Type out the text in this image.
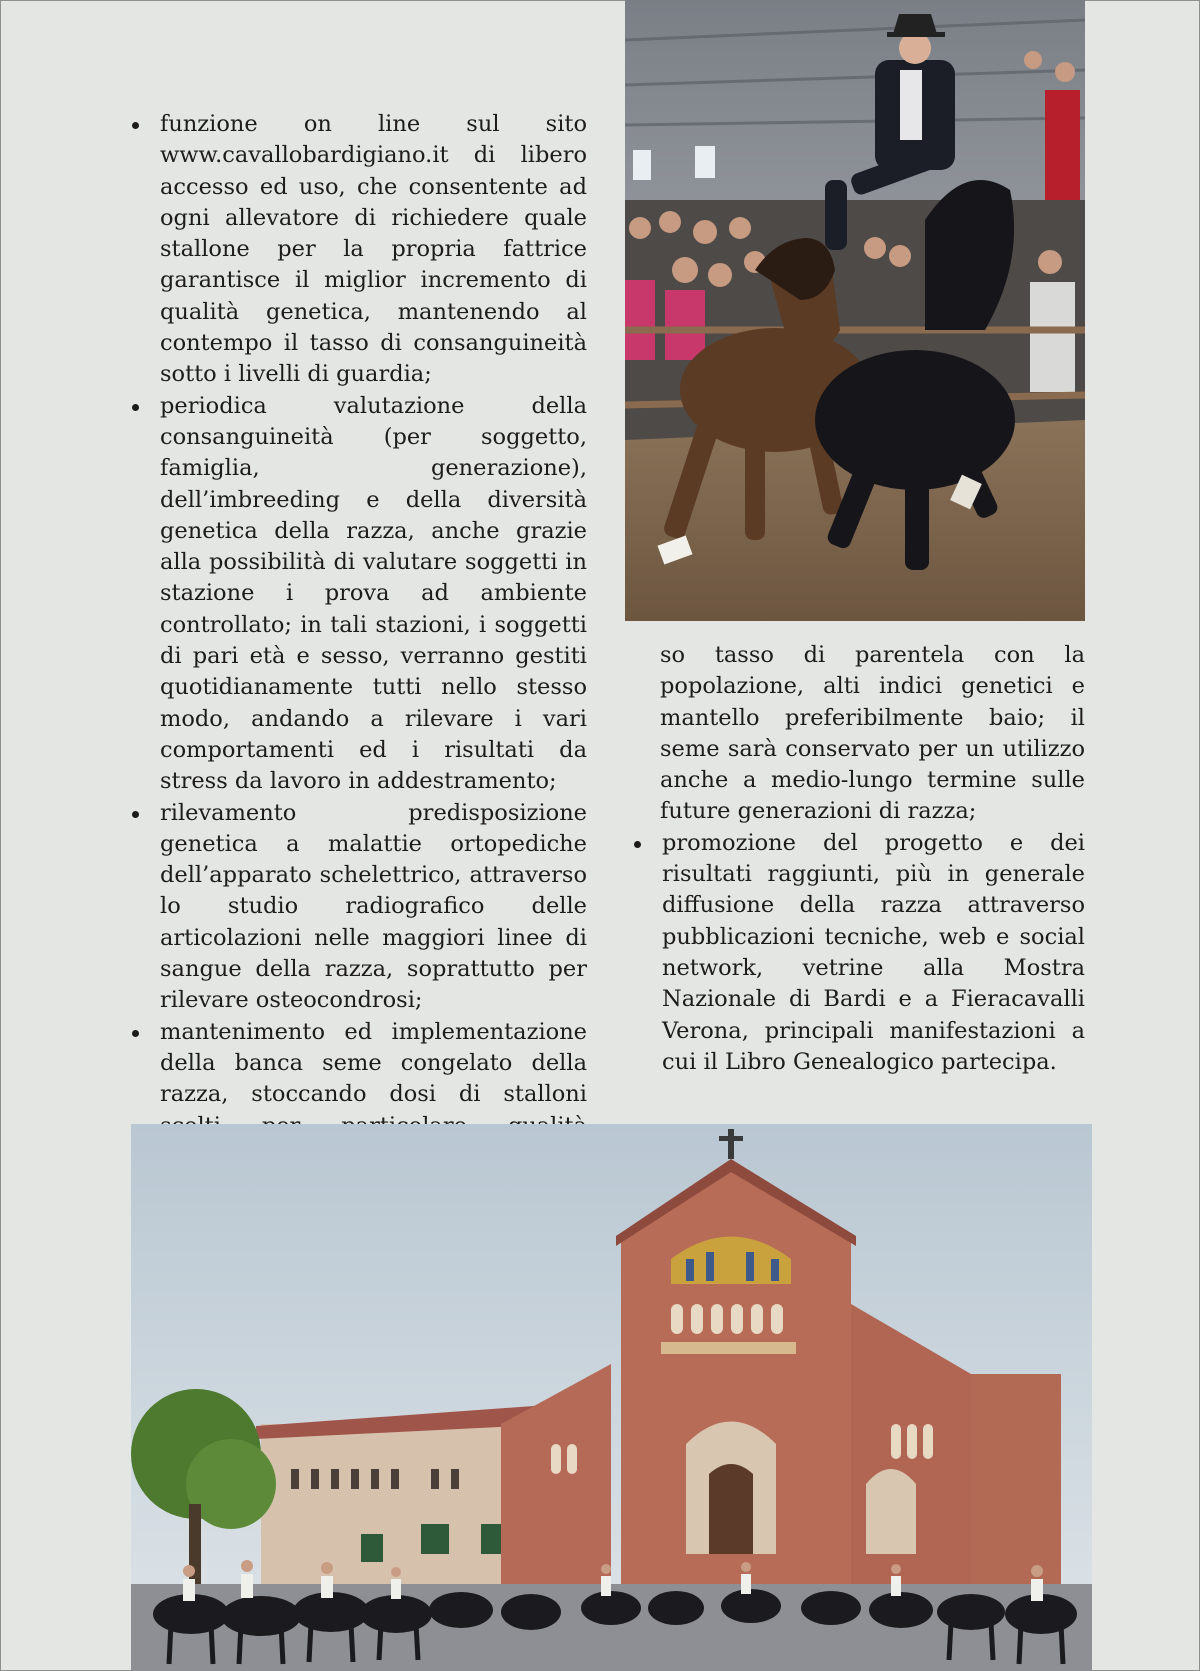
funzione on line sul sito www.cavallobardigiano.it di libero accesso ed uso, che consentente ad ogni allevatore di richiedere quale stallone per la propria fattrice garantisce il miglior incremento di qualità genetica, mantenendo al contempo il tasso di consanguineità sotto i livelli di guardia;
periodica valutazione della consanguineità (per soggetto, famiglia, generazione), dell’imbreeding e della diversità genetica della razza, anche grazie alla possibilità di valutare soggetti in stazione i prova ad ambiente controllato; in tali stazioni, i soggetti di pari età e sesso, verranno gestiti quotidianamente tutti nello stesso modo, andando a rilevare i vari comportamenti ed i risultati da stress da lavoro in addestramento;
rilevamento predisposizione genetica a malattie ortopediche dell’apparato schelettrico, attraverso lo studio radiografico delle articolazioni nelle maggiori linee di sangue della razza, soprattutto per rilevare osteocondrosi;
mantenimento ed implementazione della banca seme congelato della razza, stoccando dosi di stalloni
so tasso di parentela con la popolazione, alti indici genetici e mantello preferibilmente baio; il seme sarà conservato per un utilizzo anche a medio-lungo termine sulle future generazioni di razza;
promozione del progetto e dei risultati raggiunti, più in generale diffusione della razza attraverso pubblicazioni tecniche, web e social network, vetrine alla Mostra Nazionale di Bardi e a Fieracavalli Verona, principali manifestazioni a cui il Libro Genealogico partecipa.
